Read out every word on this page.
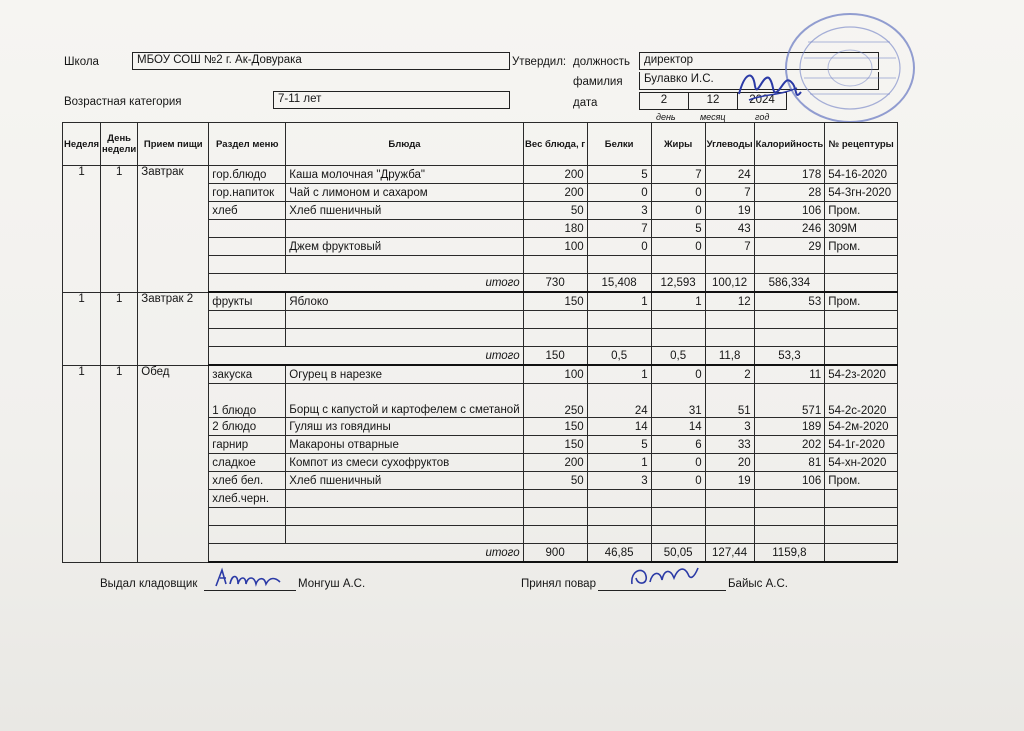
Школа	МБОУ СОШ №2 г. Ак-Довурака	Утвердил: должность	директор
фамилия	Булавко И.С.
Возрастная категория	7-11 лет	дата	2	12	2024
день	месяц	год
Неделя	День недели	Прием пищи	Раздел меню	Блюда	Вес блюда, г	Белки	Жиры	Углеводы	Калорийность	№ рецептуры
1	1	Завтрак	гор.блюдо	Каша молочная "Дружба"	200	5	7	24	178	54-16-2020
			гор.напиток	Чай с лимоном и сахаром	200	0	0	7	28	54-3гн-2020
			хлеб	Хлеб пшеничный	50	3	0	19	106	Пром.
					180	7	5	43	246	309М
				Джем фруктовый	100	0	0	7	29	Пром.

			итого		730	15,408	12,593	100,12	586,334	
1	1	Завтрак 2	фрукты	Яблоко	150	1	1	12	53	Пром.

			итого		150	0,5	0,5	11,8	53,3	
1	1	Обед	закуска	Огурец в нарезке	100	1	0	2	11	54-2з-2020
			1 блюдо	Борщ с капустой и картофелем с сметаной	250	24	31	51	571	54-2с-2020
			2 блюдо	Гуляш из говядины	150	14	14	3	189	54-2м-2020
			гарнир	Макароны отварные	150	5	6	33	202	54-1г-2020
			сладкое	Компот из смеси сухофруктов	200	1	0	20	81	54-хн-2020
			хлеб бел.	Хлеб пшеничный	50	3	0	19	106	Пром.
			хлеб.черн.							

			итого		900	46,85	50,05	127,44	1159,8	
Выдал кладовщик	Монгуш А.С.	Принял повар	Байыс А.С.
